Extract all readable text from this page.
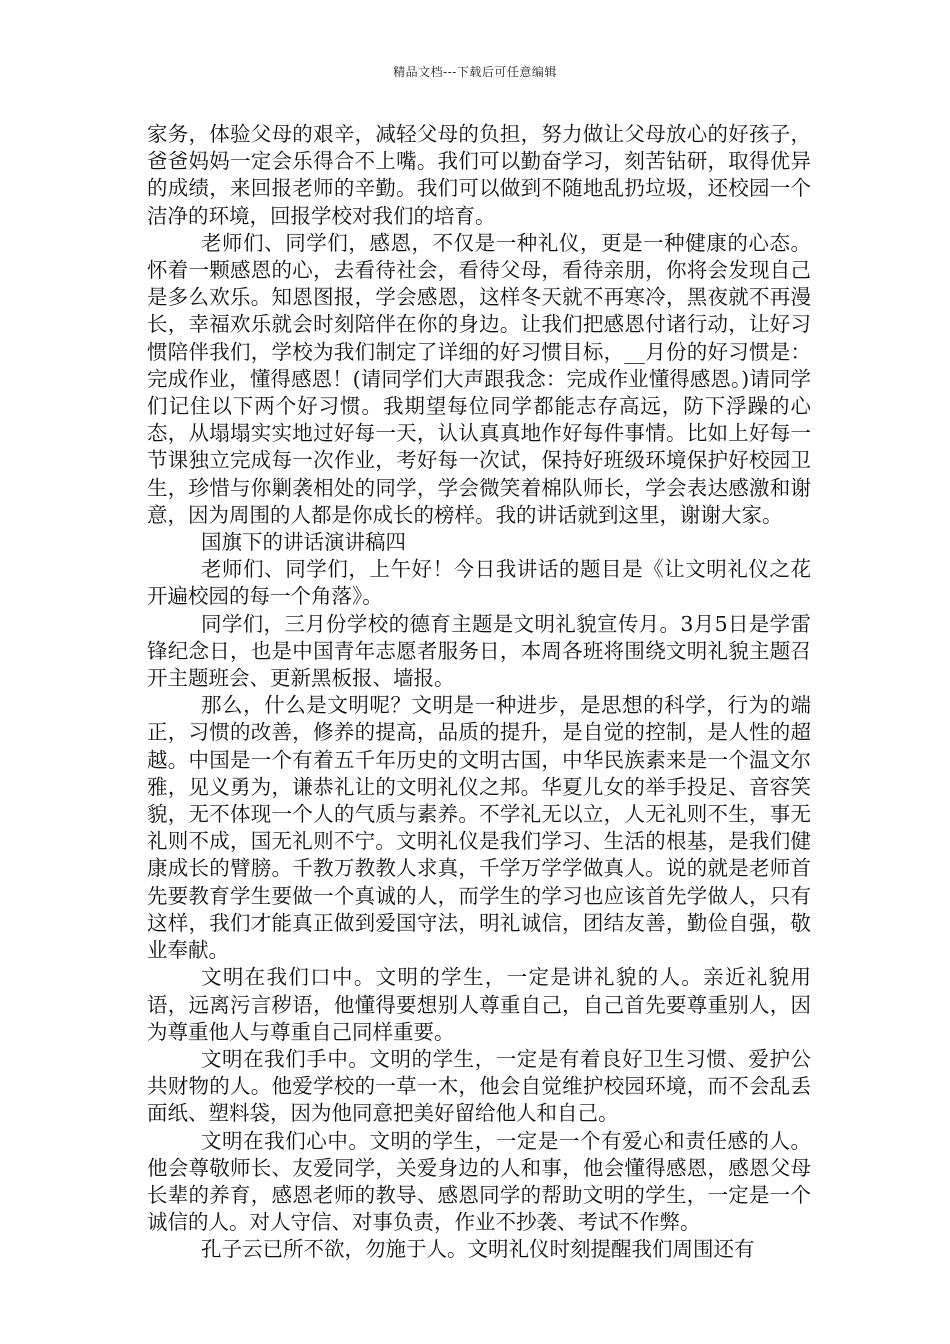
精品文档---下载后可任意编辑

家务，体验父母的艰辛，减轻父母的负担，努力做让父母放心的好孩子，爸爸妈妈一定会乐得合不上嘴。我们可以勤奋学习，刻苦钻研，取得优异的成绩，来回报老师的辛勤。我们可以做到不随地乱扔垃圾，还校园一个洁净的环境，回报学校对我们的培育。

老师们、同学们，感恩，不仅是一种礼仪，更是一种健康的心态。怀着一颗感恩的心，去看待社会，看待父母，看待亲朋，你将会发现自己是多么欢乐。知恩图报，学会感恩，这样冬天就不再寒冷，黑夜就不再漫长，幸福欢乐就会时刻陪伴在你的身边。让我们把感恩付诸行动，让好习惯陪伴我们，学校为我们制定了详细的好习惯目标，__月份的好习惯是：完成作业，懂得感恩！(请同学们大声跟我念：完成作业懂得感恩。)请同学们记住以下两个好习惯。我期望每位同学都能志存高远，防下浮躁的心态，从塌塌实实地过好每一天，认认真真地作好每件事情。比如上好每一节课独立完成每一次作业，考好每一次试，保持好班级环境保护好校园卫生，珍惜与你剿袭相处的同学，学会微笑着棉队师长，学会表达感激和谢意，因为周围的人都是你成长的榜样。我的讲话就到这里，谢谢大家。

国旗下的讲话演讲稿四

老师们、同学们，上午好！今日我讲话的题目是《让文明礼仪之花开遍校园的每一个角落》。

同学们，三月份学校的德育主题是文明礼貌宣传月。3月5日是学雷锋纪念日，也是中国青年志愿者服务日，本周各班将围绕文明礼貌主题召开主题班会、更新黑板报、墙报。

那么，什么是文明呢？文明是一种进步，是思想的科学，行为的端正，习惯的改善，修养的提高，品质的提升，是自觉的控制，是人性的超越。中国是一个有着五千年历史的文明古国，中华民族素来是一个温文尔雅，见义勇为，谦恭礼让的文明礼仪之邦。华夏儿女的举手投足、音容笑貌，无不体现一个人的气质与素养。不学礼无以立，人无礼则不生，事无礼则不成，国无礼则不宁。文明礼仪是我们学习、生活的根基，是我们健康成长的臂膀。千教万教教人求真，千学万学学做真人。说的就是老师首先要教育学生要做一个真诚的人，而学生的学习也应该首先学做人，只有这样，我们才能真正做到爱国守法，明礼诚信，团结友善，勤俭自强，敬业奉献。

文明在我们口中。文明的学生，一定是讲礼貌的人。亲近礼貌用语，远离污言秽语，他懂得要想别人尊重自己，自己首先要尊重别人，因为尊重他人与尊重自己同样重要。

文明在我们手中。文明的学生，一定是有着良好卫生习惯、爱护公共财物的人。他爱学校的一草一木，他会自觉维护校园环境，而不会乱丢面纸、塑料袋，因为他同意把美好留给他人和自己。

文明在我们心中。文明的学生，一定是一个有爱心和责任感的人。他会尊敬师长、友爱同学，关爱身边的人和事，他会懂得感恩，感恩父母长辈的养育，感恩老师的教导、感恩同学的帮助文明的学生，一定是一个诚信的人。对人守信、对事负责，作业不抄袭、考试不作弊。

孔子云已所不欲，勿施于人。文明礼仪时刻提醒我们周围还有
